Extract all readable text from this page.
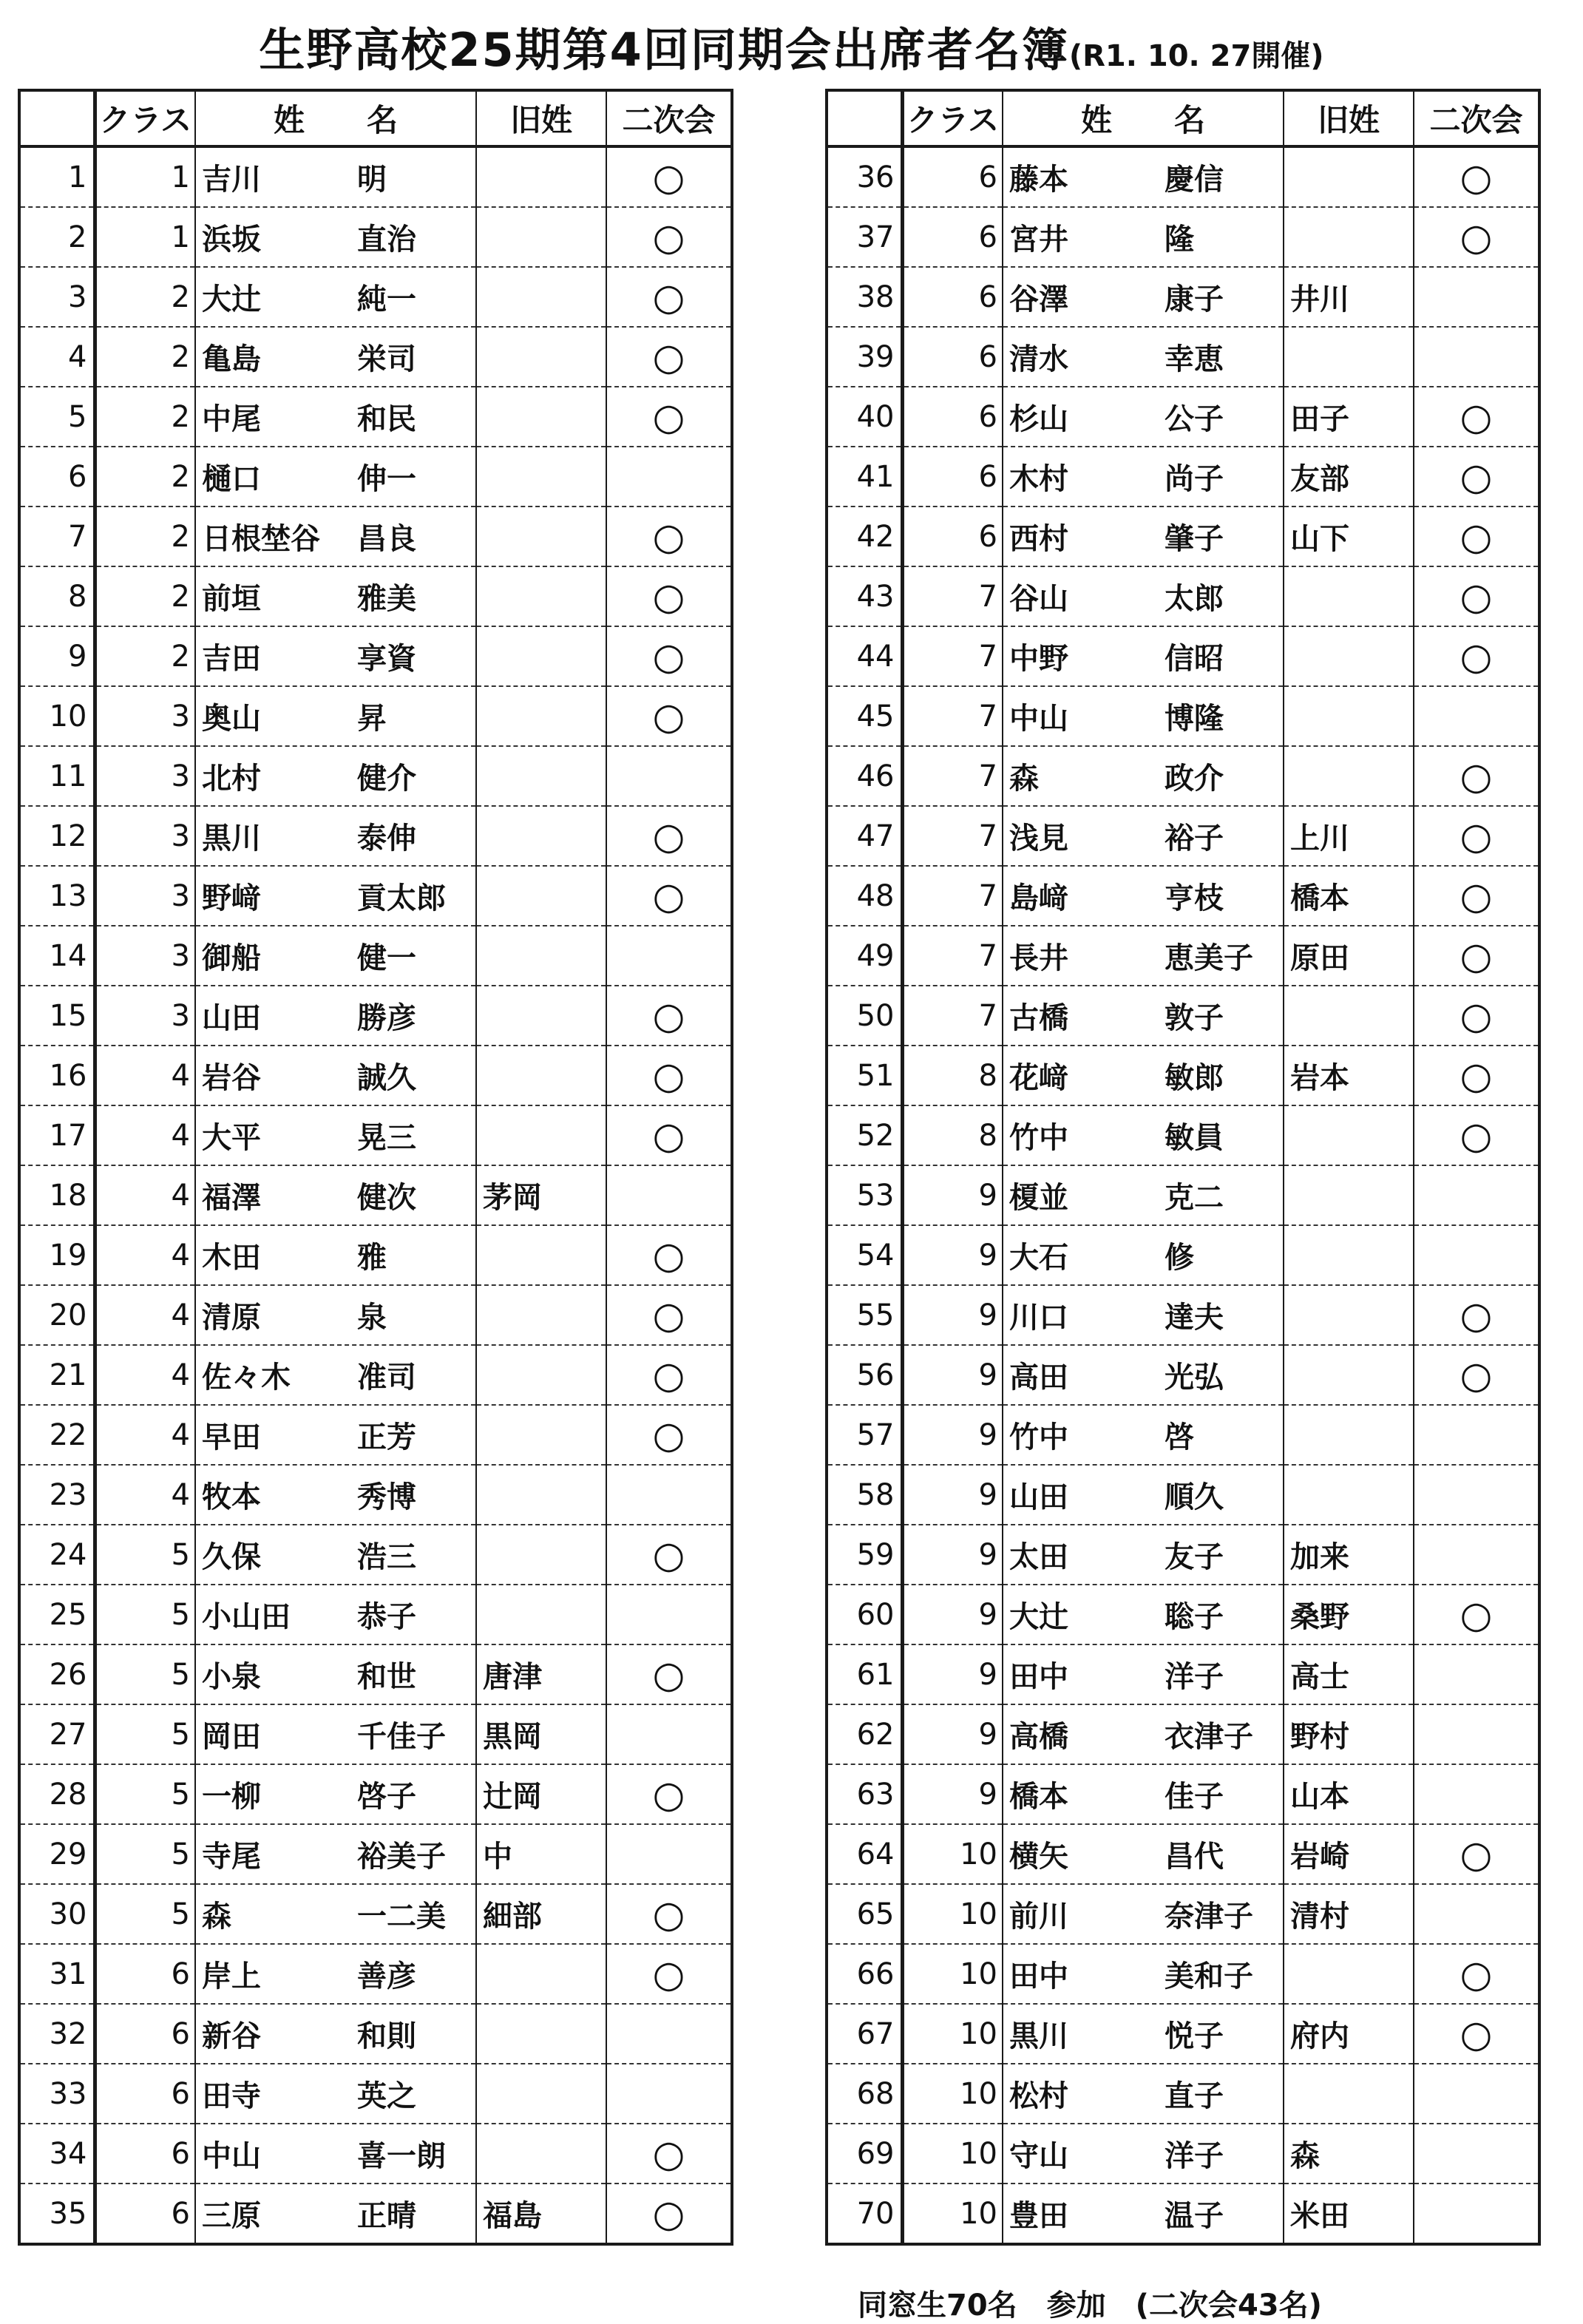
生野高校25期第4回同期会出席者名簿(R1. 10. 27開催)
	クラス	姓　　名	旧姓	二次会
1	1	吉川 明		○
2	1	浜坂 直治		○
3	2	大辻 純一		○
4	2	亀島 栄司		○
5	2	中尾 和民		○
6	2	樋口 伸一		
7	2	日根埜谷 昌良		○
8	2	前垣 雅美		○
9	2	吉田 享資		○
10	3	奥山 昇		○
11	3	北村 健介		
12	3	黒川 泰伸		○
13	3	野﨑 貢太郎		○
14	3	御船 健一		
15	3	山田 勝彦		○
16	4	岩谷 誠久		○
17	4	大平 晃三		○
18	4	福澤 健次	茅岡	
19	4	木田 雅		○
20	4	清原 泉		○
21	4	佐々木 准司		○
22	4	早田 正芳		○
23	4	牧本 秀博		
24	5	久保 浩三		○
25	5	小山田 恭子		
26	5	小泉 和世	唐津	○
27	5	岡田 千佳子	黒岡	
28	5	一柳 啓子	辻岡	○
29	5	寺尾 裕美子	中	
30	5	森 一二美	細部	○
31	6	岸上 善彦		○
32	6	新谷 和則		
33	6	田寺 英之		
34	6	中山 喜一朗		○
35	6	三原 正晴	福島	○
	クラス	姓　　名	旧姓	二次会
36	6	藤本 慶信		○
37	6	宮井 隆		○
38	6	谷澤 康子	井川	
39	6	清水 幸恵		
40	6	杉山 公子	田子	○
41	6	木村 尚子	友部	○
42	6	西村 肇子	山下	○
43	7	谷山 太郎		○
44	7	中野 信昭		○
45	7	中山 博隆		
46	7	森 政介		○
47	7	浅見 裕子	上川	○
48	7	島﨑 亨枝	橋本	○
49	7	長井 恵美子	原田	○
50	7	古橋 敦子		○
51	8	花﨑 敏郎	岩本	○
52	8	竹中 敏員		○
53	9	榎並 克二		
54	9	大石 修		
55	9	川口 達夫		○
56	9	高田 光弘		○
57	9	竹中 啓		
58	9	山田 順久		
59	9	太田 友子	加来	
60	9	大辻 聡子	桑野	○
61	9	田中 洋子	高士	
62	9	高橋 衣津子	野村	
63	9	橋本 佳子	山本	
64	10	横矢 昌代	岩崎	○
65	10	前川 奈津子	清村	
66	10	田中 美和子		○
67	10	黒川 悦子	府内	○
68	10	松村 直子		
69	10	守山 洋子	森	
70	10	豊田 温子	米田	
同窓生70名　参加　(二次会43名)
